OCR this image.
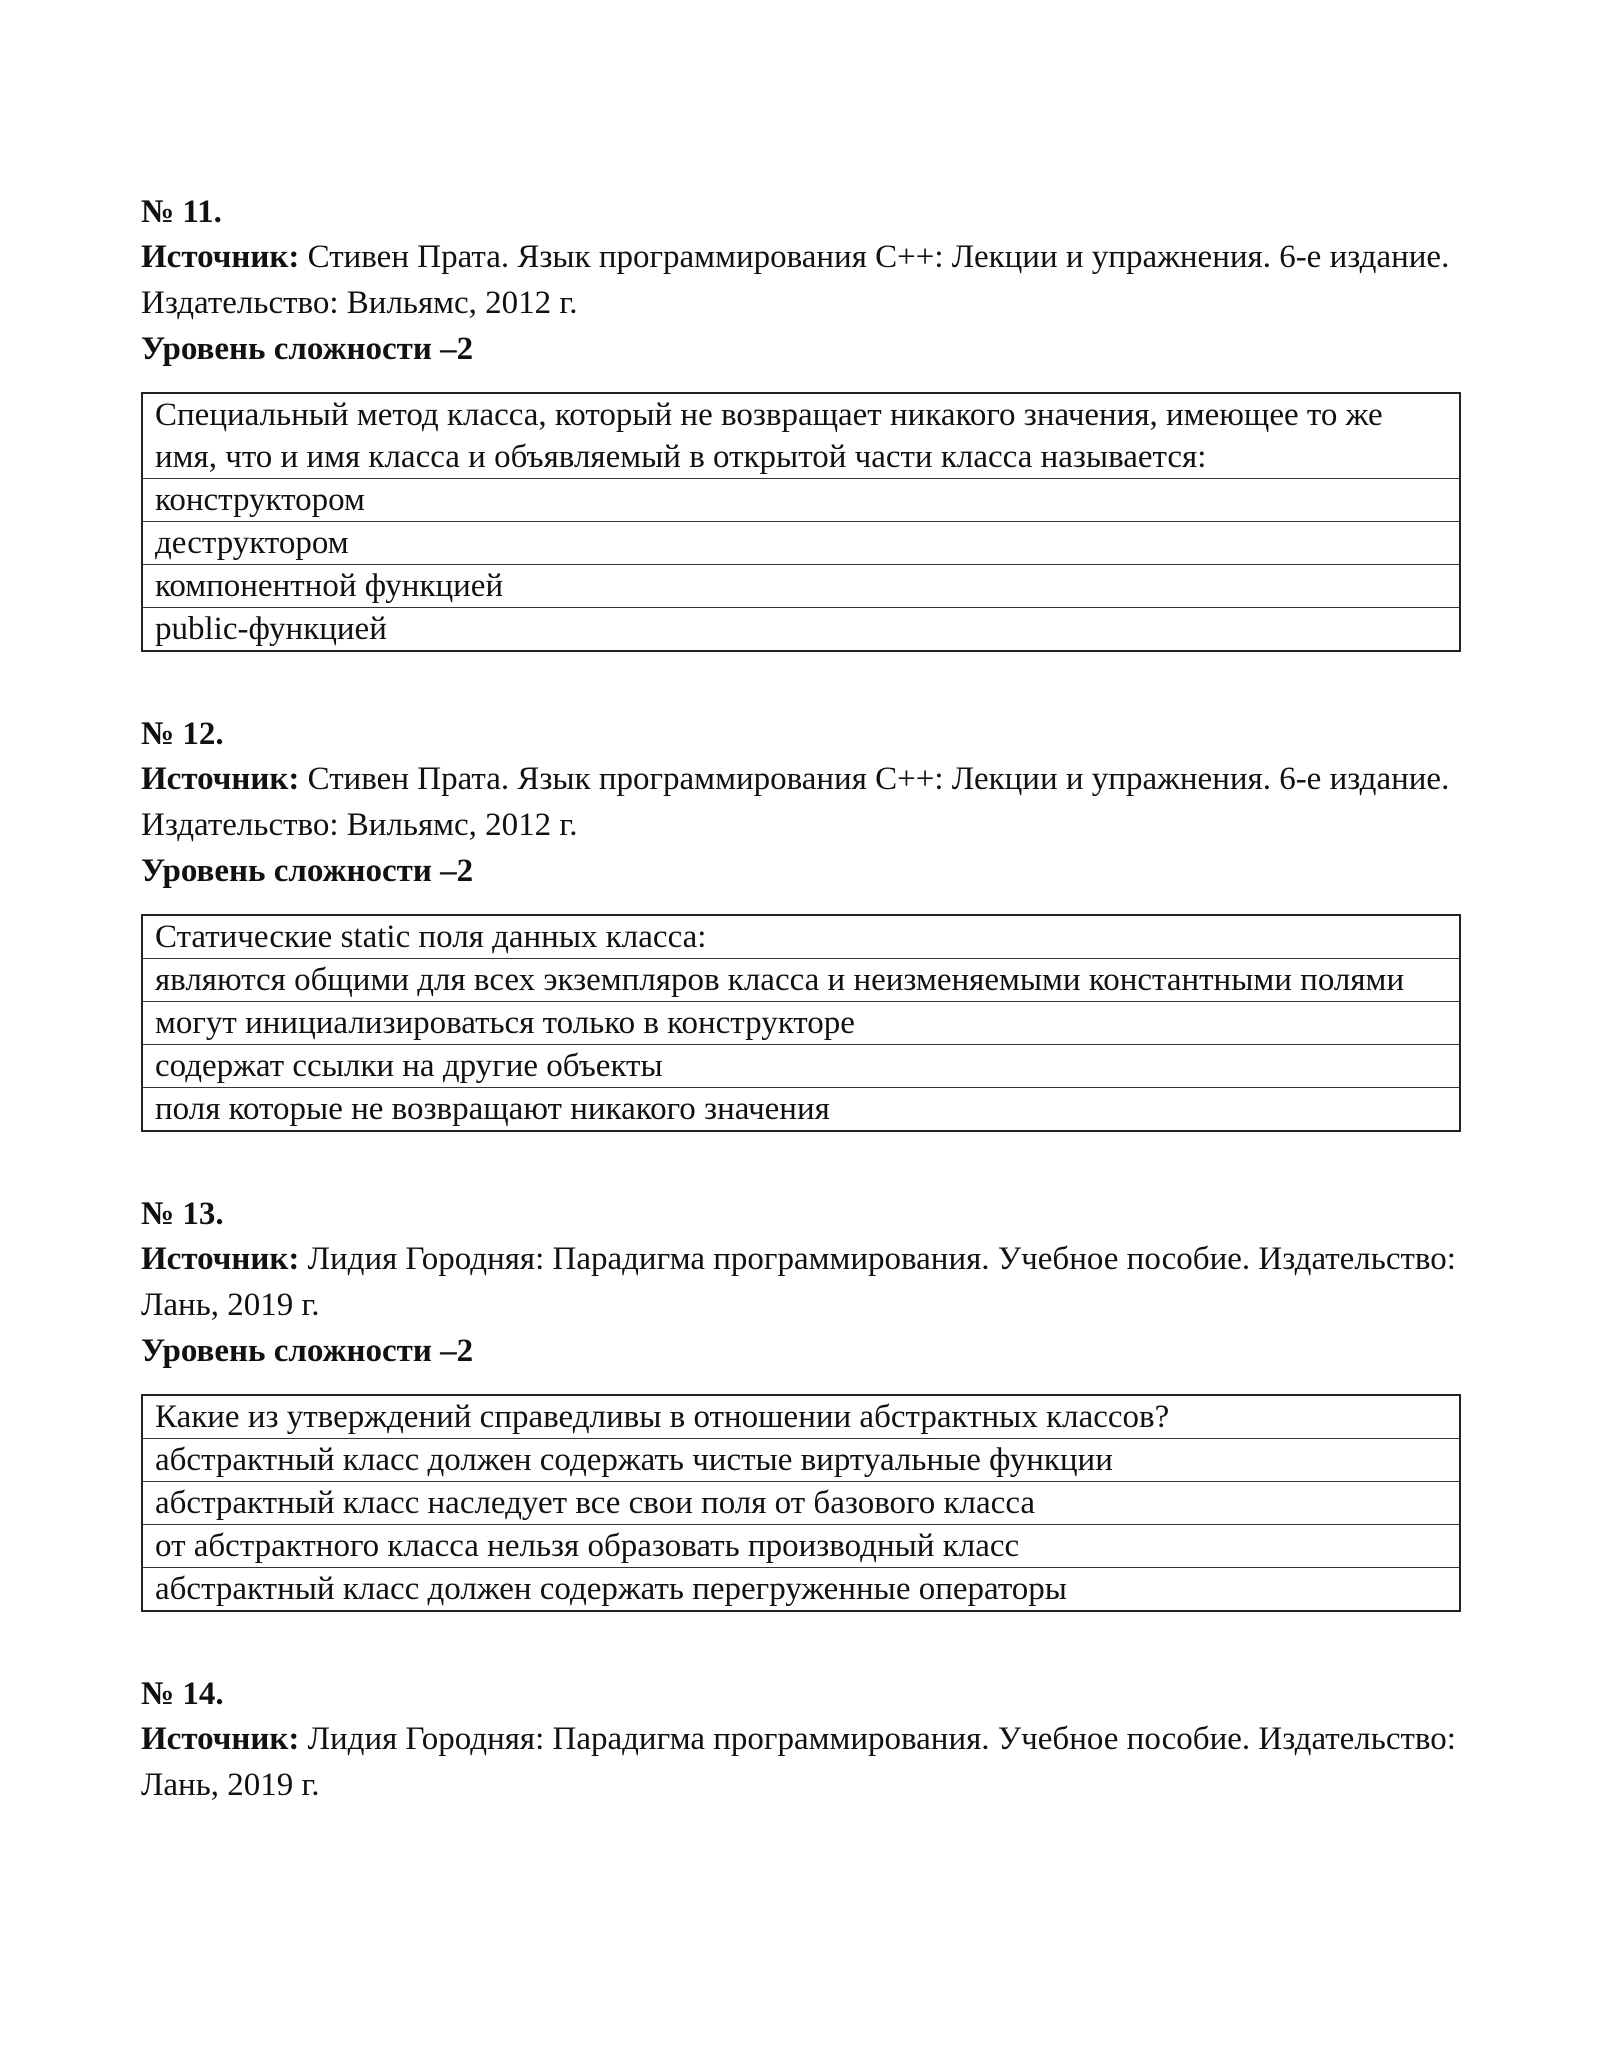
№ 11.

Источник: Стивен Прата. Язык программирования С++: Лекции и упражнения. 6-е издание. Издательство: Вильямс, 2012 г.

Уровень сложности –2

Специальный метод класса, который не возвращает никакого значения, имеющее то же имя, что и имя класса и объявляемый в открытой части класса называется:
конструктором
деструктором
компонентной функцией
public-функцией

№ 12.

Источник: Стивен Прата. Язык программирования С++: Лекции и упражнения. 6-е издание. Издательство: Вильямс, 2012 г.

Уровень сложности –2

Статические static поля данных класса:
являются общими для всех экземпляров класса и неизменяемыми константными полями
могут инициализироваться только в конструкторе
содержат ссылки на другие объекты
поля которые не возвращают никакого значения

№ 13.

Источник: Лидия Городняя: Парадигма программирования. Учебное пособие. Издательство: Лань, 2019 г.

Уровень сложности –2

Какие из утверждений справедливы в отношении абстрактных классов?
абстрактный класс должен содержать чистые виртуальные функции
абстрактный класс наследует все свои поля от базового класса
от абстрактного класса нельзя образовать производный класс
абстрактный класс должен содержать перегруженные операторы

№ 14.

Источник: Лидия Городняя: Парадигма программирования. Учебное пособие. Издательство: Лань, 2019 г.
